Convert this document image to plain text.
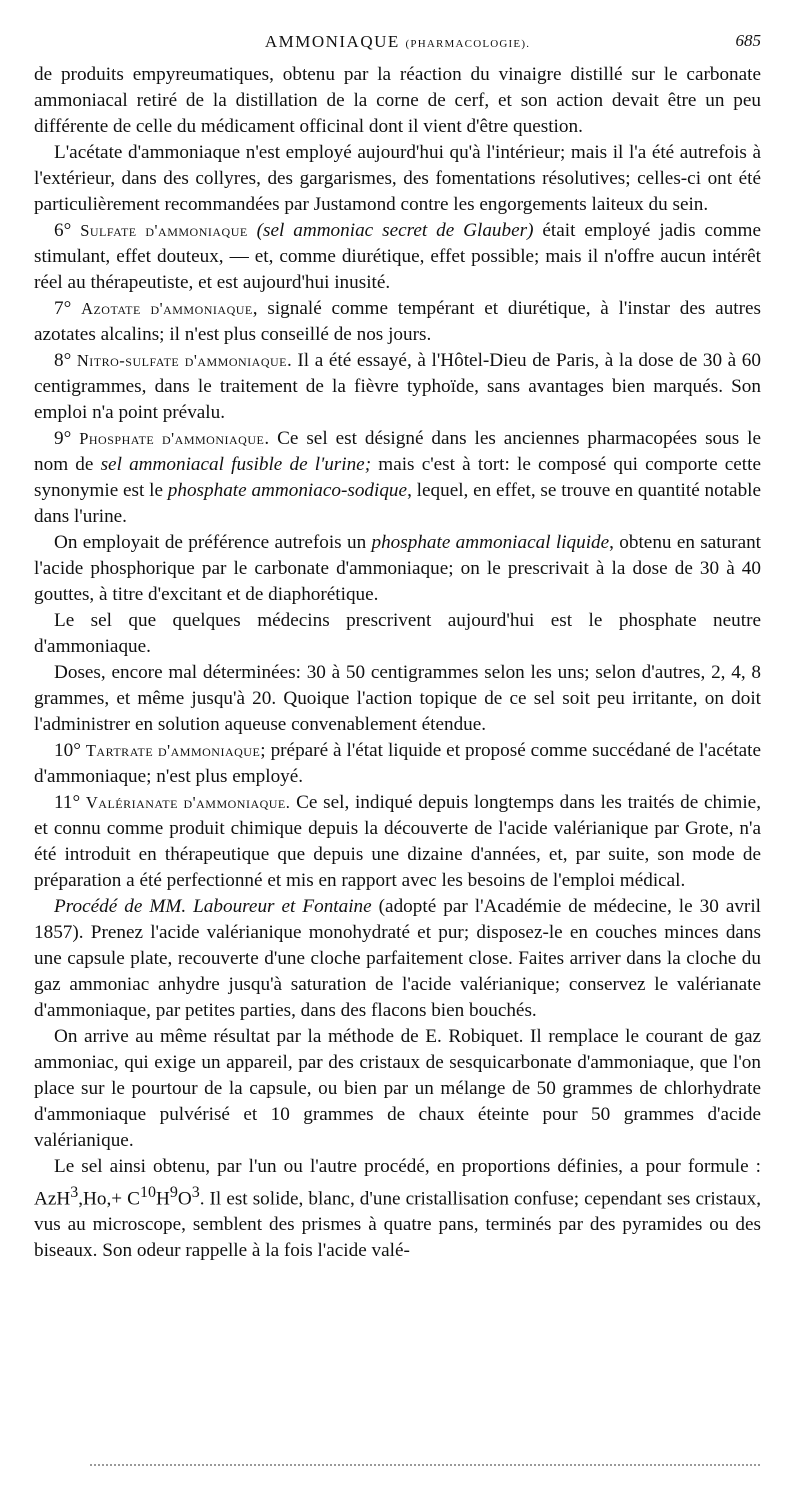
AMMONIAQUE (PHARMACOLOGIE).	685

de produits empyreumatiques, obtenu par la réaction du vinaigre distillé sur le carbonate ammoniacal retiré de la distillation de la corne de cerf, et son action devait être un peu différente de celle du médicament officinal dont il vient d'être question.

L'acétate d'ammoniaque n'est employé aujourd'hui qu'à l'intérieur; mais il l'a été autrefois à l'extérieur, dans des collyres, des gargarismes, des fomentations résolutives; celles-ci ont été particulièrement recommandées par Justamond contre les engorgements laiteux du sein.

6° Sulfate d'ammoniaque (sel ammoniac secret de Glauber) était employé jadis comme stimulant, effet douteux, — et, comme diurétique, effet possible; mais il n'offre aucun intérêt réel au thérapeutiste, et est aujourd'hui inusité.

7° Azotate d'ammoniaque, signalé comme tempérant et diurétique, à l'instar des autres azotates alcalins; il n'est plus conseillé de nos jours.

8° Nitro-sulfate d'ammoniaque. Il a été essayé, à l'Hôtel-Dieu de Paris, à la dose de 30 à 60 centigrammes, dans le traitement de la fièvre typhoïde, sans avantages bien marqués. Son emploi n'a point prévalu.

9° Phosphate d'ammoniaque. Ce sel est désigné dans les anciennes pharmacopées sous le nom de sel ammoniacal fusible de l'urine; mais c'est à tort: le composé qui comporte cette synonymie est le phosphate ammoniaco-sodique, lequel, en effet, se trouve en quantité notable dans l'urine.

On employait de préférence autrefois un phosphate ammoniacal liquide, obtenu en saturant l'acide phosphorique par le carbonate d'ammoniaque; on le prescrivait à la dose de 30 à 40 gouttes, à titre d'excitant et de diaphorétique.

Le sel que quelques médecins prescrivent aujourd'hui est le phosphate neutre d'ammoniaque.

Doses, encore mal déterminées: 30 à 50 centigrammes selon les uns; selon d'autres, 2, 4, 8 grammes, et même jusqu'à 20. Quoique l'action topique de ce sel soit peu irritante, on doit l'administrer en solution aqueuse convenablement étendue.

10° Tartrate d'ammoniaque; préparé à l'état liquide et proposé comme succédané de l'acétate d'ammoniaque; n'est plus employé.

11° Valérianate d'ammoniaque. Ce sel, indiqué depuis longtemps dans les traités de chimie, et connu comme produit chimique depuis la découverte de l'acide valérianique par Grote, n'a été introduit en thérapeutique que depuis une dizaine d'années, et, par suite, son mode de préparation a été perfectionné et mis en rapport avec les besoins de l'emploi médical.

Procédé de MM. Laboureur et Fontaine (adopté par l'Académie de médecine, le 30 avril 1857). Prenez l'acide valérianique monohydraté et pur; disposez-le en couches minces dans une capsule plate, recouverte d'une cloche parfaitement close. Faites arriver dans la cloche du gaz ammoniac anhydre jusqu'à saturation de l'acide valérianique; conservez le valérianate d'ammoniaque, par petites parties, dans des flacons bien bouchés.

On arrive au même résultat par la méthode de E. Robiquet. Il remplace le courant de gaz ammoniac, qui exige un appareil, par des cristaux de sesquicarbonate d'ammoniaque, que l'on place sur le pourtour de la capsule, ou bien par un mélange de 50 grammes de chlorhydrate d'ammoniaque pulvérisé et 10 grammes de chaux éteinte pour 50 grammes d'acide valérianique.

Le sel ainsi obtenu, par l'un ou l'autre procédé, en proportions définies, a pour formule : $AzH^3,Ho,+ C^{10}H^9O^3$. Il est solide, blanc, d'une cristallisation confuse; cependant ses cristaux, vus au microscope, semblent des prismes à quatre pans, terminés par des pyramides ou des biseaux. Son odeur rappelle à la fois l'acide valé-
